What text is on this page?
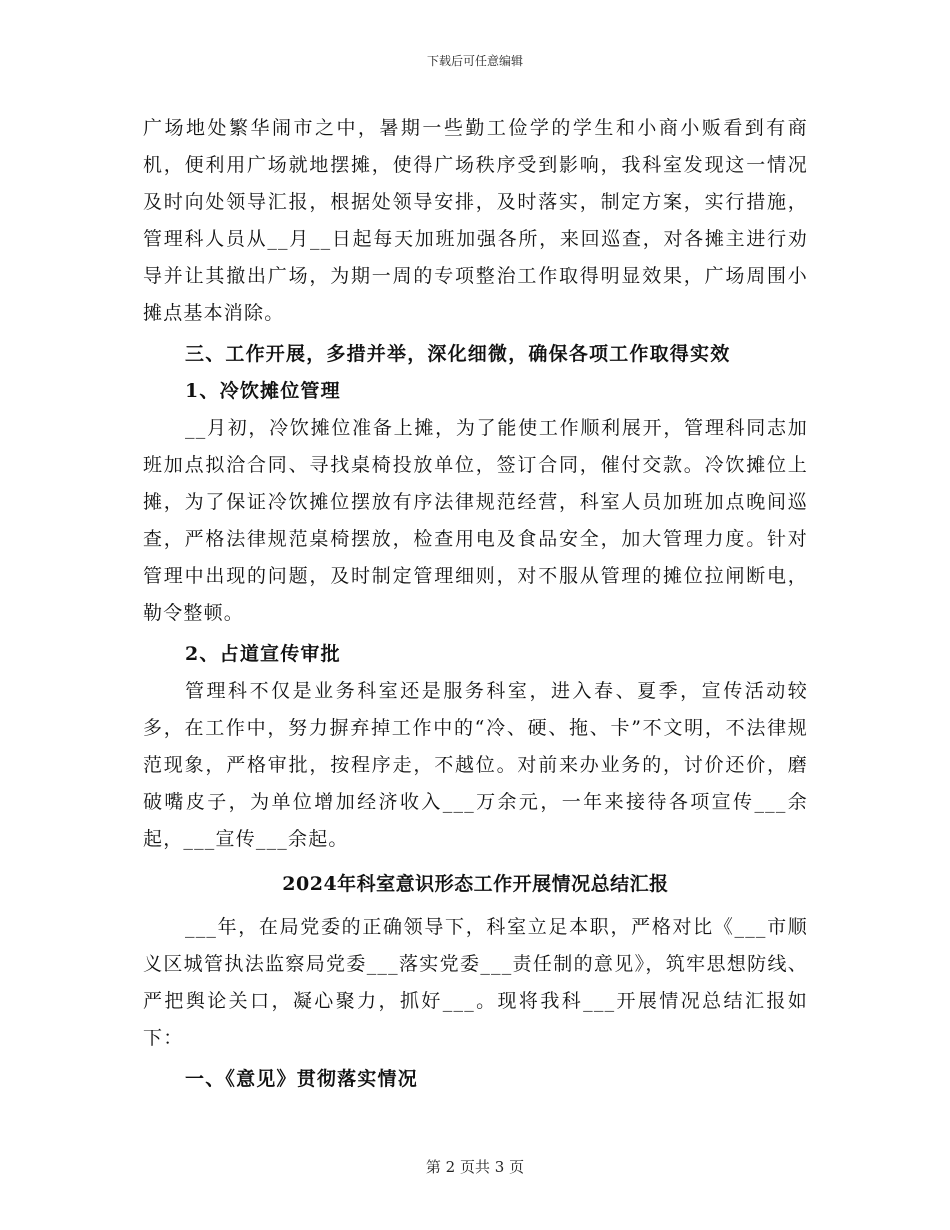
下载后可任意编辑

广场地处繁华闹市之中，暑期一些勤工俭学的学生和小商小贩看到有商机，便利用广场就地摆摊，使得广场秩序受到影响，我科室发现这一情况及时向处领导汇报，根据处领导安排，及时落实，制定方案，实行措施，管理科人员从__月__日起每天加班加强各所，来回巡查，对各摊主进行劝导并让其撤出广场，为期一周的专项整治工作取得明显效果，广场周围小摊点基本消除。

三、工作开展，多措并举，深化细微，确保各项工作取得实效

1、冷饮摊位管理

__月初，冷饮摊位准备上摊，为了能使工作顺利展开，管理科同志加班加点拟洽合同、寻找桌椅投放单位，签订合同，催付交款。冷饮摊位上摊，为了保证冷饮摊位摆放有序法律规范经营，科室人员加班加点晚间巡查，严格法律规范桌椅摆放，检查用电及食品安全，加大管理力度。针对管理中出现的问题，及时制定管理细则，对不服从管理的摊位拉闸断电，勒令整顿。

2、占道宣传审批

管理科不仅是业务科室还是服务科室，进入春、夏季，宣传活动较多，在工作中，努力摒弃掉工作中的“冷、硬、拖、卡”不文明，不法律规范现象，严格审批，按程序走，不越位。对前来办业务的，讨价还价，磨破嘴皮子，为单位增加经济收入___万余元，一年来接待各项宣传___余起，___宣传___余起。

2024年科室意识形态工作开展情况总结汇报

___年，在局党委的正确领导下，科室立足本职，严格对比《___市顺义区城管执法监察局党委___落实党委___责任制的意见》，筑牢思想防线、严把舆论关口，凝心聚力，抓好___。现将我科___开展情况总结汇报如下：

一、《意见》贯彻落实情况

第 2 页共 3 页
